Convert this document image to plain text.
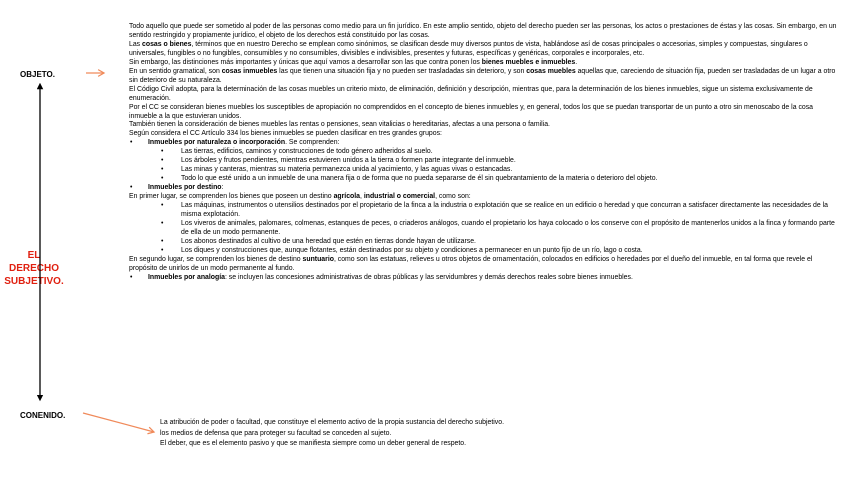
OBJETO.
EL DERECHO
SUBJETIVO.
CONENIDO.

Todo aquello que puede ser sometido al poder de las personas como medio para un fin jurídico. En este amplio sentido, objeto del derecho pueden ser las personas, los actos o prestaciones de éstas y las cosas. Sin embargo, en un sentido restringido y propiamente jurídico, el objeto de los derechos está constituido por las cosas.

Las cosas o bienes, términos que en nuestro Derecho se emplean como sinónimos, se clasifican desde muy diversos puntos de vista, hablándose así de cosas principales o accesorias, simples y compuestas, singulares o universales, fungibles o no fungibles, consumibles y no consumibles, divisibles e indivisibles, presentes y futuras, específicas y genéricas, corporales e incorporales, etc.

Sin embargo, las distinciones más importantes y únicas que aquí vamos a desarrollar son las que contra ponen los bienes muebles e inmuebles.

En un sentido gramatical, son cosas inmuebles las que tienen una situación fija y no pueden ser trasladadas sin deterioro, y son cosas muebles aquellas que, careciendo de situación fija, pueden ser trasladadas de un lugar a otro sin deterioro de su naturaleza.

El Código Civil adopta, para la determinación de las cosas muebles un criterio mixto, de eliminación, definición y descripción, mientras que, para la determinación de los bienes inmuebles, sigue un sistema exclusivamente de enumeración.

Por el CC se consideran bienes muebles los susceptibles de apropiación no comprendidos en el concepto de bienes inmuebles y, en general, todos los que se puedan transportar de un punto a otro sin menoscabo de la cosa inmueble a la que estuvieran unidos.

También tienen la consideración de bienes muebles las rentas o pensiones, sean vitalicias o hereditarias, afectas a una persona o familia.

Según considera el CC Artículo 334 los bienes inmuebles se pueden clasificar en tres grandes grupos:

• Inmuebles por naturaleza o incorporación. Se comprenden:

• Las tierras, edificios, caminos y construcciones de todo género adheridos al suelo.

• Los árboles y frutos pendientes, mientras estuvieren unidos a la tierra o formen parte integrante del inmueble.

• Las minas y canteras, mientras su materia permanezca unida al yacimiento, y las aguas vivas o estancadas.

• Todo lo que esté unido a un inmueble de una manera fija o de forma que no pueda separarse de él sin quebrantamiento de la materia o deterioro del objeto.

• Inmuebles por destino:

En primer lugar, se comprenden los bienes que poseen un destino agrícola, industrial o comercial, como son:

• Las máquinas, instrumentos o utensilios destinados por el propietario de la finca a la industria o explotación que se realice en un edificio o heredad y que concurran a satisfacer directamente las necesidades de la misma explotación.

• Los viveros de animales, palomares, colmenas, estanques de peces, o criaderos análogos, cuando el propietario los haya colocado o los conserve con el propósito de mantenerlos unidos a la finca y formando parte de ella de un modo permanente.

• Los abonos destinados al cultivo de una heredad que estén en tierras donde hayan de utilizarse.

• Los diques y construcciones que, aunque flotantes, están destinados por su objeto y condiciones a permanecer en un punto fijo de un río, lago o costa.

En segundo lugar, se comprenden los bienes de destino suntuario, como son las estatuas, relieves u otros objetos de ornamentación, colocados en edificios o heredades por el dueño del inmueble, en tal forma que revele el propósito de unirlos de un modo permanente al fundo.

• Inmuebles por analogía: se incluyen las concesiones administrativas de obras públicas y las servidumbres y demás derechos reales sobre bienes inmuebles.

La atribución de poder o facultad, que constituye el elemento activo de la propia sustancia del derecho subjetivo.

los medios de defensa que para proteger su facultad se conceden al sujeto.

El deber, que es el elemento pasivo y que se manifiesta siempre como un deber general de respeto.
